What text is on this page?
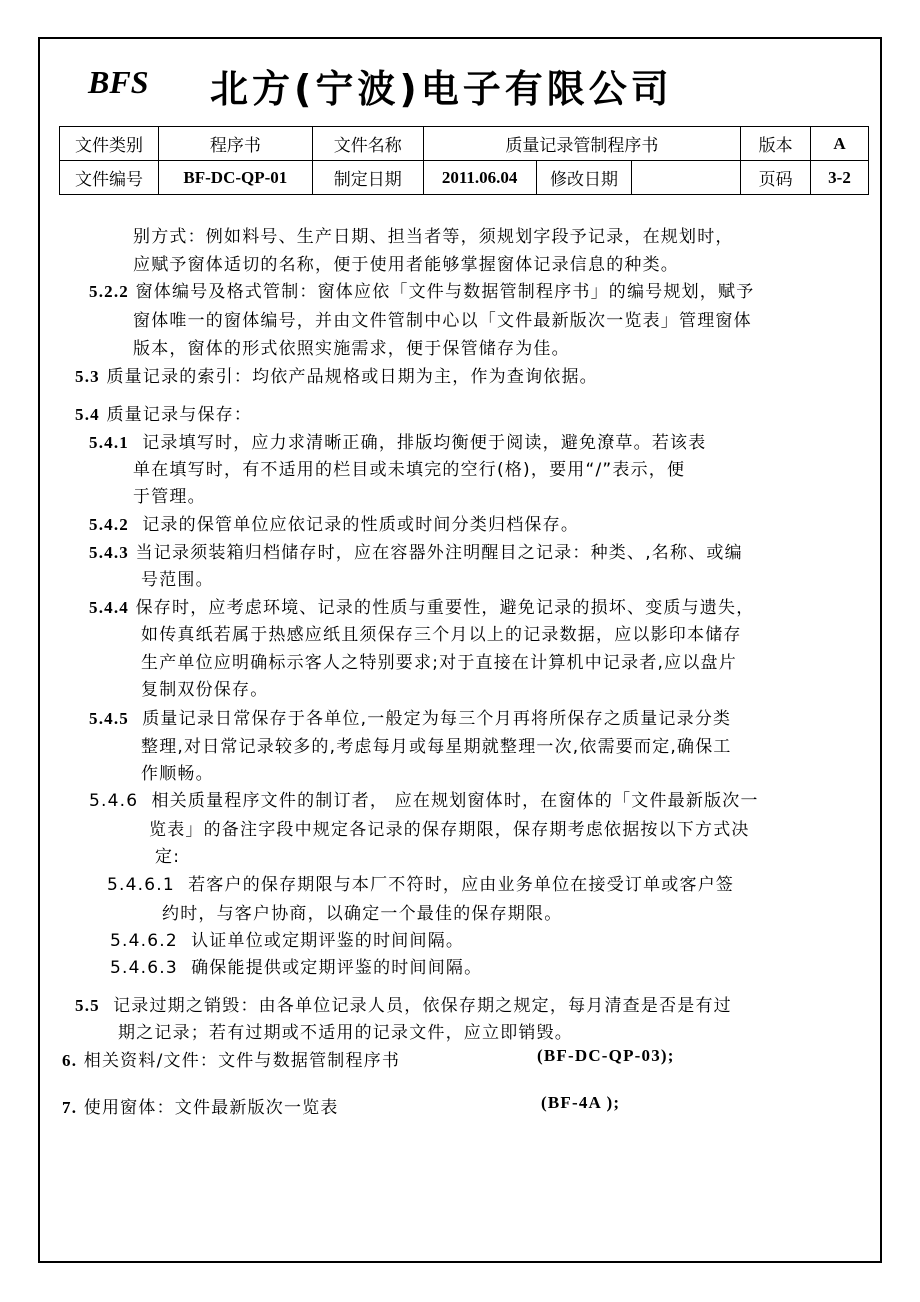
BFS 北方(宁波)电子有限公司
文件类别	程序书	文件名称	质量记录管制程序书			版本	A
文件编号	BF-DC-QP-01	制定日期	2011.06.04	修改日期		页码	3-2

别方式：例如料号、生产日期、担当者等，须规划字段予记录，在规划时，

应赋予窗体适切的名称，便于使用者能够掌握窗体记录信息的种类。

5.2.2 窗体编号及格式管制：窗体应依「文件与数据管制程序书」的编号规划，赋予

窗体唯一的窗体编号，并由文件管制中心以「文件最新版次一览表」管理窗体

版本，窗体的形式依照实施需求，便于保管储存为佳。

5.3 质量记录的索引：均依产品规格或日期为主，作为查询依据。

5.4 质量记录与保存：

5.4.1 记录填写时，应力求清晰正确，排版均衡便于阅读，避免潦草。若该表

单在填写时，有不适用的栏目或未填完的空行(格)，要用“/”表示，便

于管理。

5.4.2 记录的保管单位应依记录的性质或时间分类归档保存。

5.4.3 当记录须装箱归档储存时，应在容器外注明醒目之记录：种类、,名称、或编

号范围。

5.4.4 保存时，应考虑环境、记录的性质与重要性，避免记录的损坏、变质与遗失，

如传真纸若属于热感应纸且须保存三个月以上的记录数据，应以影印本储存

生产单位应明确标示客人之特别要求;对于直接在计算机中记录者,应以盘片

复制双份保存。

5.4.5 质量记录日常保存于各单位,一般定为每三个月再将所保存之质量记录分类

整理,对日常记录较多的,考虑每月或每星期就整理一次,依需要而定,确保工

作顺畅。

5.4.6 相关质量程序文件的制订者， 应在规划窗体时，在窗体的「文件最新版次一

览表」的备注字段中规定各记录的保存期限，保存期考虑依据按以下方式决

定:

5.4.6.1 若客户的保存期限与本厂不符时，应由业务单位在接受订单或客户签

约时，与客户协商，以确定一个最佳的保存期限。

5.4.6.2 认证单位或定期评鉴的时间间隔。

5.4.6.3 确保能提供或定期评鉴的时间间隔。

5.5 记录过期之销毁：由各单位记录人员，依保存期之规定，每月清查是否是有过

期之记录；若有过期或不适用的记录文件，应立即销毁。

6. 相关资料/文件：文件与数据管制程序书	(BF-DC-QP-03);

7. 使用窗体：文件最新版次一览表	(BF-4A );
